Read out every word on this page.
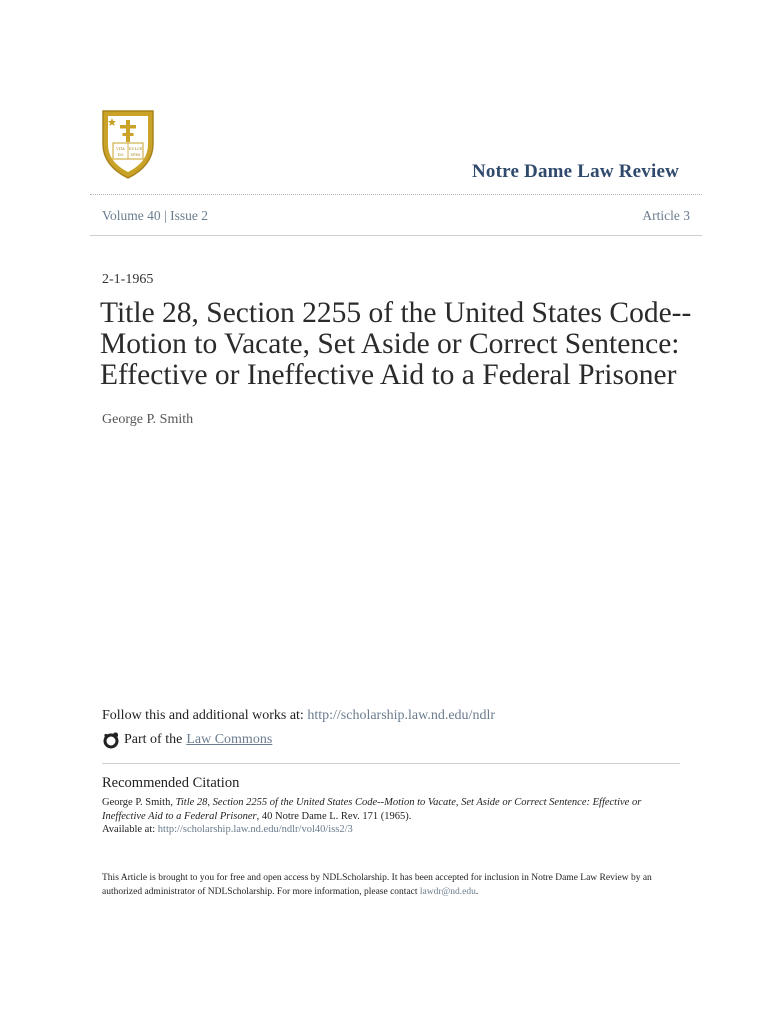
VITA DULCE
DO SPES
Notre Dame Law Review
Volume 40 | Issue 2	Article 3
2-1-1965
Title 28, Section 2255 of the United States Code--
Motion to Vacate, Set Aside or Correct Sentence:
Effective or Ineffective Aid to a Federal Prisoner
George P. Smith
Follow this and additional works at: http://scholarship.law.nd.edu/ndlr
Part of the Law Commons
Recommended Citation
George P. Smith, Title 28, Section 2255 of the United States Code--Motion to Vacate, Set Aside or Correct Sentence: Effective or Ineffective Aid to a Federal Prisoner, 40 Notre Dame L. Rev. 171 (1965).
Available at: http://scholarship.law.nd.edu/ndlr/vol40/iss2/3
This Article is brought to you for free and open access by NDLScholarship. It has been accepted for inclusion in Notre Dame Law Review by an authorized administrator of NDLScholarship. For more information, please contact lawdr@nd.edu.
